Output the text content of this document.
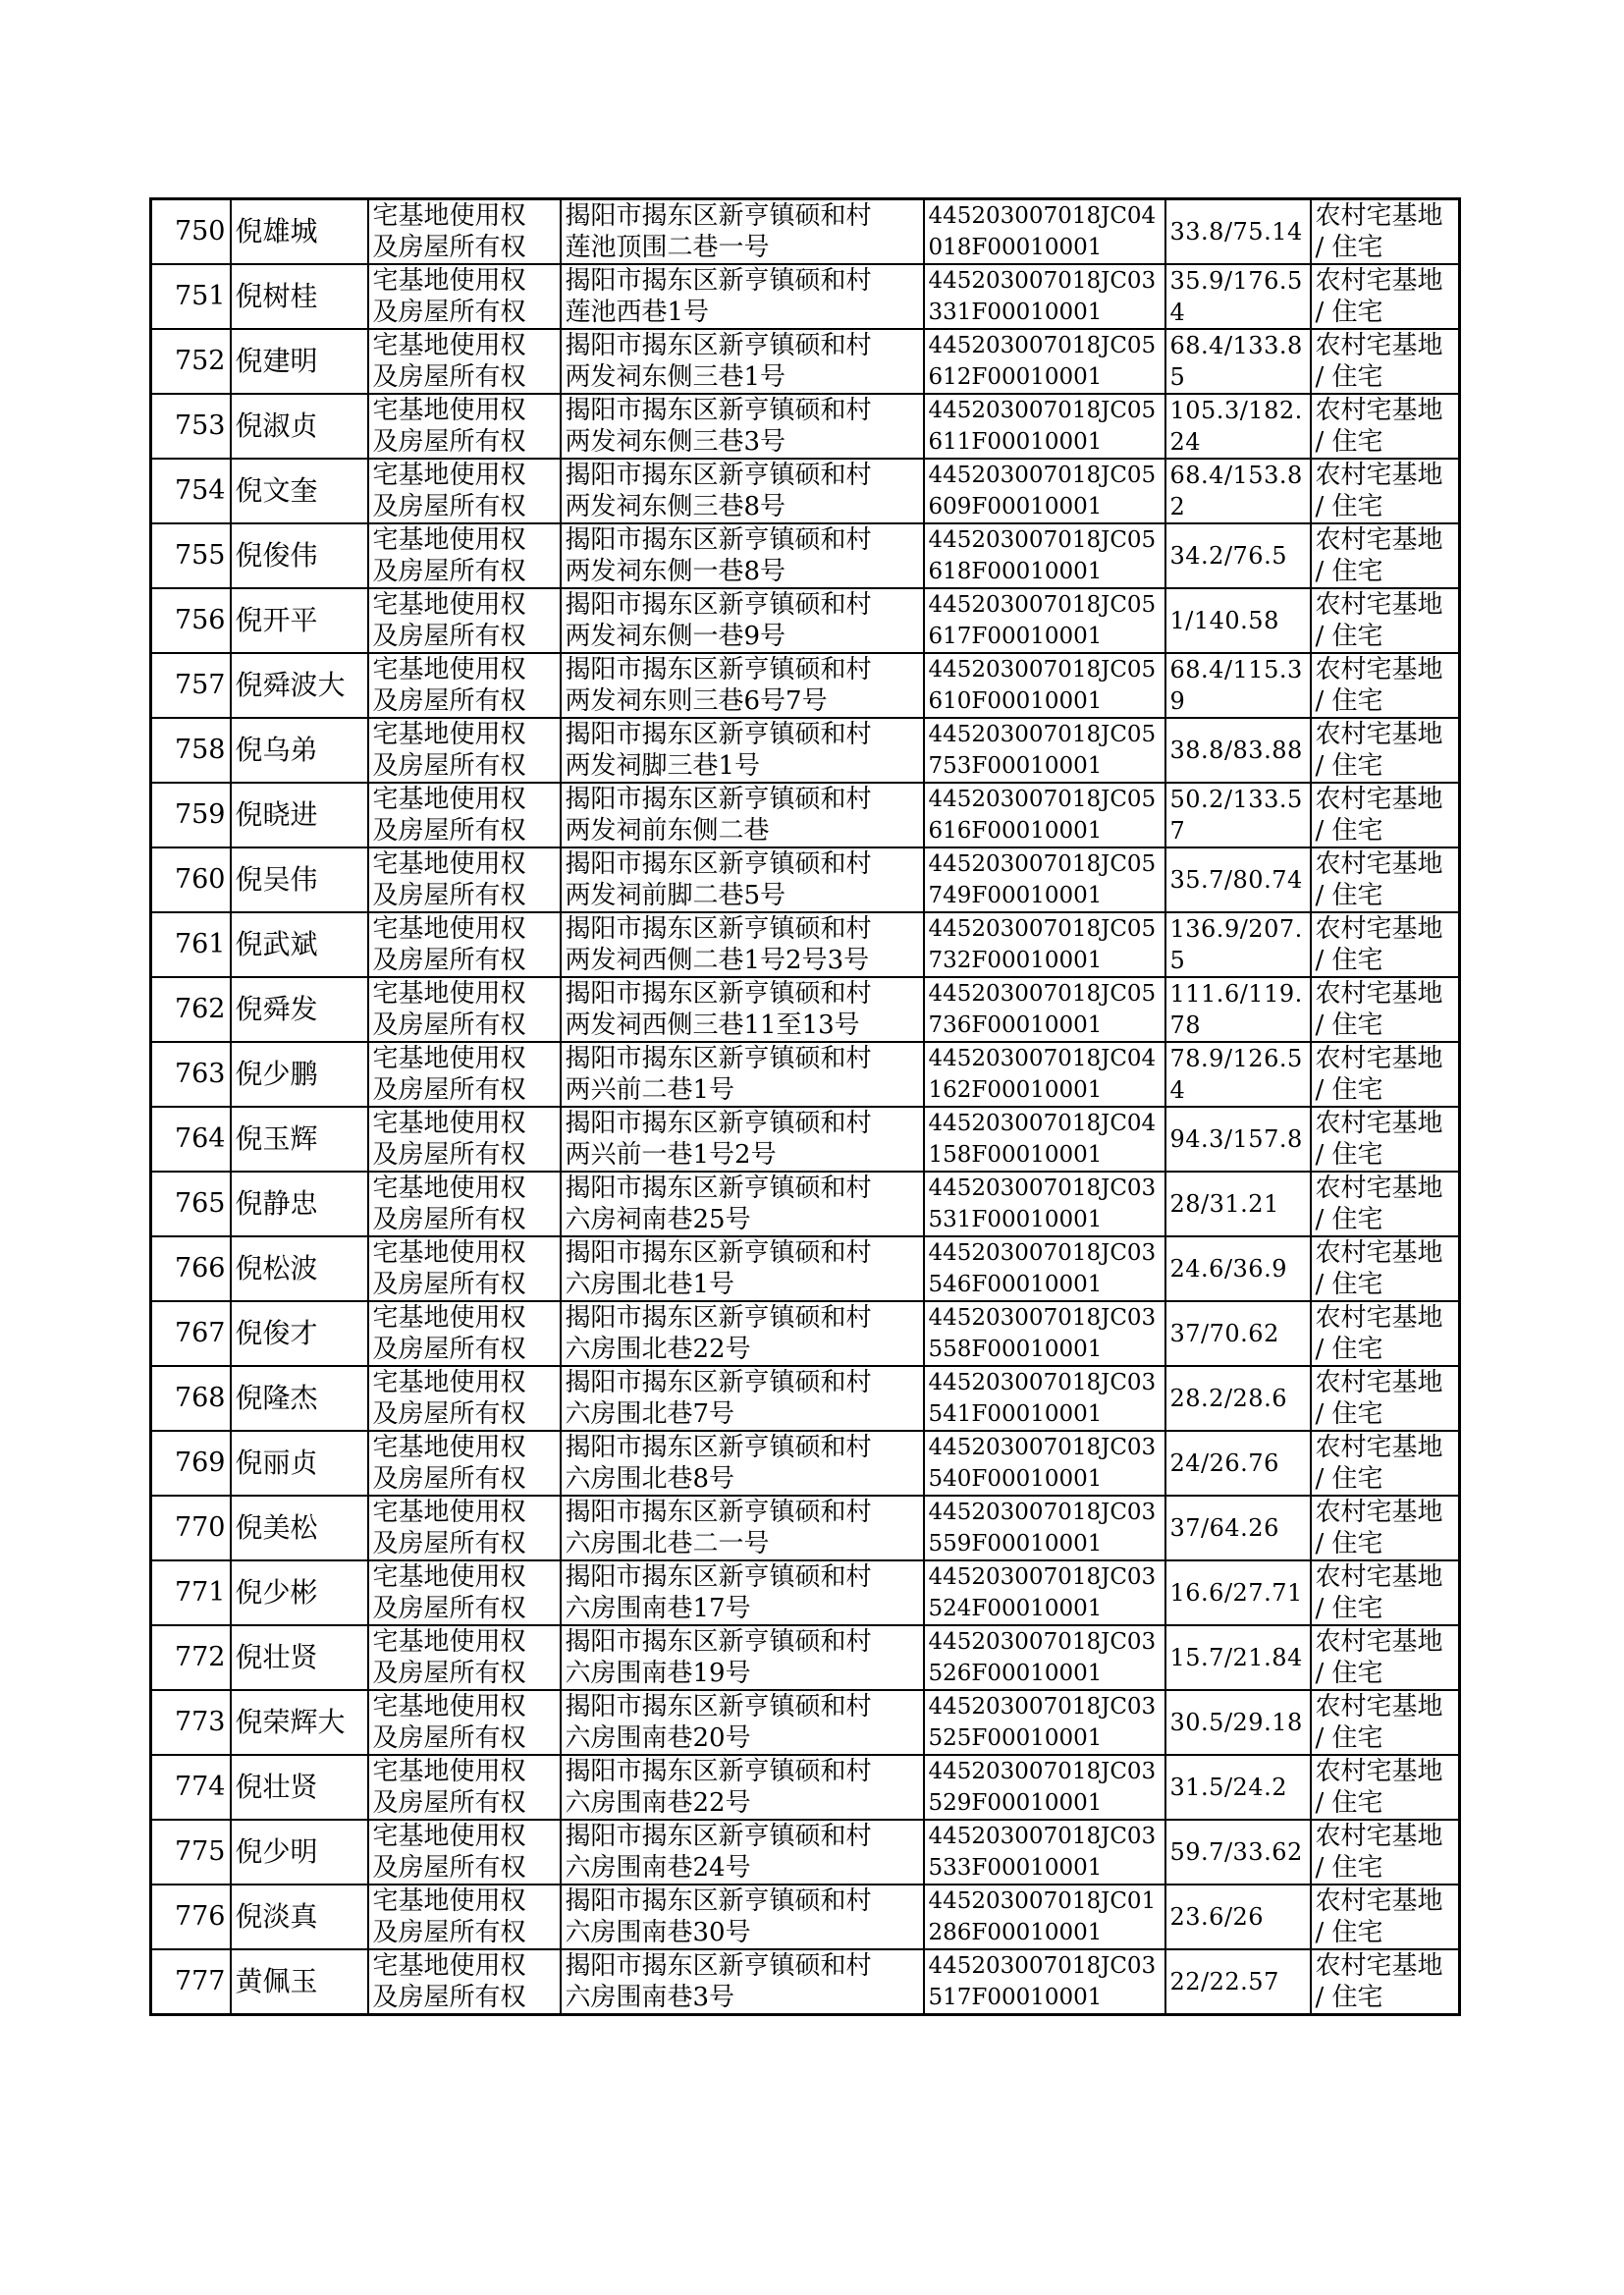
750	倪雄城	宅基地使用权
及房屋所有权	揭阳市揭东区新亨镇硕和村
莲池顶围二巷一号	445203007018JC04018F00010001	33.8/75.14	农村宅基地
/ 住宅

751	倪树桂	宅基地使用权
及房屋所有权	揭阳市揭东区新亨镇硕和村
莲池西巷1号	445203007018JC03331F00010001	35.9/176.54	农村宅基地
/ 住宅

752	倪建明	宅基地使用权
及房屋所有权	揭阳市揭东区新亨镇硕和村
两发祠东侧三巷1号	445203007018JC05612F00010001	68.4/133.85	农村宅基地
/ 住宅

753	倪淑贞	宅基地使用权
及房屋所有权	揭阳市揭东区新亨镇硕和村
两发祠东侧三巷3号	445203007018JC05611F00010001	105.3/182.24	农村宅基地
/ 住宅

754	倪文奎	宅基地使用权
及房屋所有权	揭阳市揭东区新亨镇硕和村
两发祠东侧三巷8号	445203007018JC05609F00010001	68.4/153.82	农村宅基地
/ 住宅

755	倪俊伟	宅基地使用权
及房屋所有权	揭阳市揭东区新亨镇硕和村
两发祠东侧一巷8号	445203007018JC05618F00010001	34.2/76.5	农村宅基地
/ 住宅

756	倪开平	宅基地使用权
及房屋所有权	揭阳市揭东区新亨镇硕和村
两发祠东侧一巷9号	445203007018JC05617F00010001	1/140.58	农村宅基地
/ 住宅

757	倪舜波大	宅基地使用权
及房屋所有权	揭阳市揭东区新亨镇硕和村
两发祠东则三巷6号7号	445203007018JC05610F00010001	68.4/115.39	农村宅基地
/ 住宅

758	倪乌弟	宅基地使用权
及房屋所有权	揭阳市揭东区新亨镇硕和村
两发祠脚三巷1号	445203007018JC05753F00010001	38.8/83.88	农村宅基地
/ 住宅

759	倪晓进	宅基地使用权
及房屋所有权	揭阳市揭东区新亨镇硕和村
两发祠前东侧二巷	445203007018JC05616F00010001	50.2/133.57	农村宅基地
/ 住宅

760	倪吴伟	宅基地使用权
及房屋所有权	揭阳市揭东区新亨镇硕和村
两发祠前脚二巷5号	445203007018JC05749F00010001	35.7/80.74	农村宅基地
/ 住宅

761	倪武斌	宅基地使用权
及房屋所有权	揭阳市揭东区新亨镇硕和村
两发祠西侧二巷1号2号3号	445203007018JC05732F00010001	136.9/207.5	农村宅基地
/ 住宅

762	倪舜发	宅基地使用权
及房屋所有权	揭阳市揭东区新亨镇硕和村
两发祠西侧三巷11至13号	445203007018JC05736F00010001	111.6/119.78	农村宅基地
/ 住宅

763	倪少鹏	宅基地使用权
及房屋所有权	揭阳市揭东区新亨镇硕和村
两兴前二巷1号	445203007018JC04162F00010001	78.9/126.54	农村宅基地
/ 住宅

764	倪玉辉	宅基地使用权
及房屋所有权	揭阳市揭东区新亨镇硕和村
两兴前一巷1号2号	445203007018JC04158F00010001	94.3/157.8	农村宅基地
/ 住宅

765	倪静忠	宅基地使用权
及房屋所有权	揭阳市揭东区新亨镇硕和村
六房祠南巷25号	445203007018JC03531F00010001	28/31.21	农村宅基地
/ 住宅

766	倪松波	宅基地使用权
及房屋所有权	揭阳市揭东区新亨镇硕和村
六房围北巷1号	445203007018JC03546F00010001	24.6/36.9	农村宅基地
/ 住宅

767	倪俊才	宅基地使用权
及房屋所有权	揭阳市揭东区新亨镇硕和村
六房围北巷22号	445203007018JC03558F00010001	37/70.62	农村宅基地
/ 住宅

768	倪隆杰	宅基地使用权
及房屋所有权	揭阳市揭东区新亨镇硕和村
六房围北巷7号	445203007018JC03541F00010001	28.2/28.6	农村宅基地
/ 住宅

769	倪丽贞	宅基地使用权
及房屋所有权	揭阳市揭东区新亨镇硕和村
六房围北巷8号	445203007018JC03540F00010001	24/26.76	农村宅基地
/ 住宅

770	倪美松	宅基地使用权
及房屋所有权	揭阳市揭东区新亨镇硕和村
六房围北巷二一号	445203007018JC03559F00010001	37/64.26	农村宅基地
/ 住宅

771	倪少彬	宅基地使用权
及房屋所有权	揭阳市揭东区新亨镇硕和村
六房围南巷17号	445203007018JC03524F00010001	16.6/27.71	农村宅基地
/ 住宅

772	倪壮贤	宅基地使用权
及房屋所有权	揭阳市揭东区新亨镇硕和村
六房围南巷19号	445203007018JC03526F00010001	15.7/21.84	农村宅基地
/ 住宅

773	倪荣辉大	宅基地使用权
及房屋所有权	揭阳市揭东区新亨镇硕和村
六房围南巷20号	445203007018JC03525F00010001	30.5/29.18	农村宅基地
/ 住宅

774	倪壮贤	宅基地使用权
及房屋所有权	揭阳市揭东区新亨镇硕和村
六房围南巷22号	445203007018JC03529F00010001	31.5/24.2	农村宅基地
/ 住宅

775	倪少明	宅基地使用权
及房屋所有权	揭阳市揭东区新亨镇硕和村
六房围南巷24号	445203007018JC03533F00010001	59.7/33.62	农村宅基地
/ 住宅

776	倪淡真	宅基地使用权
及房屋所有权	揭阳市揭东区新亨镇硕和村
六房围南巷30号	445203007018JC01286F00010001	23.6/26	农村宅基地
/ 住宅

777	黄佩玉	宅基地使用权
及房屋所有权	揭阳市揭东区新亨镇硕和村
六房围南巷3号	445203007018JC03517F00010001	22/22.57	农村宅基地
/ 住宅
